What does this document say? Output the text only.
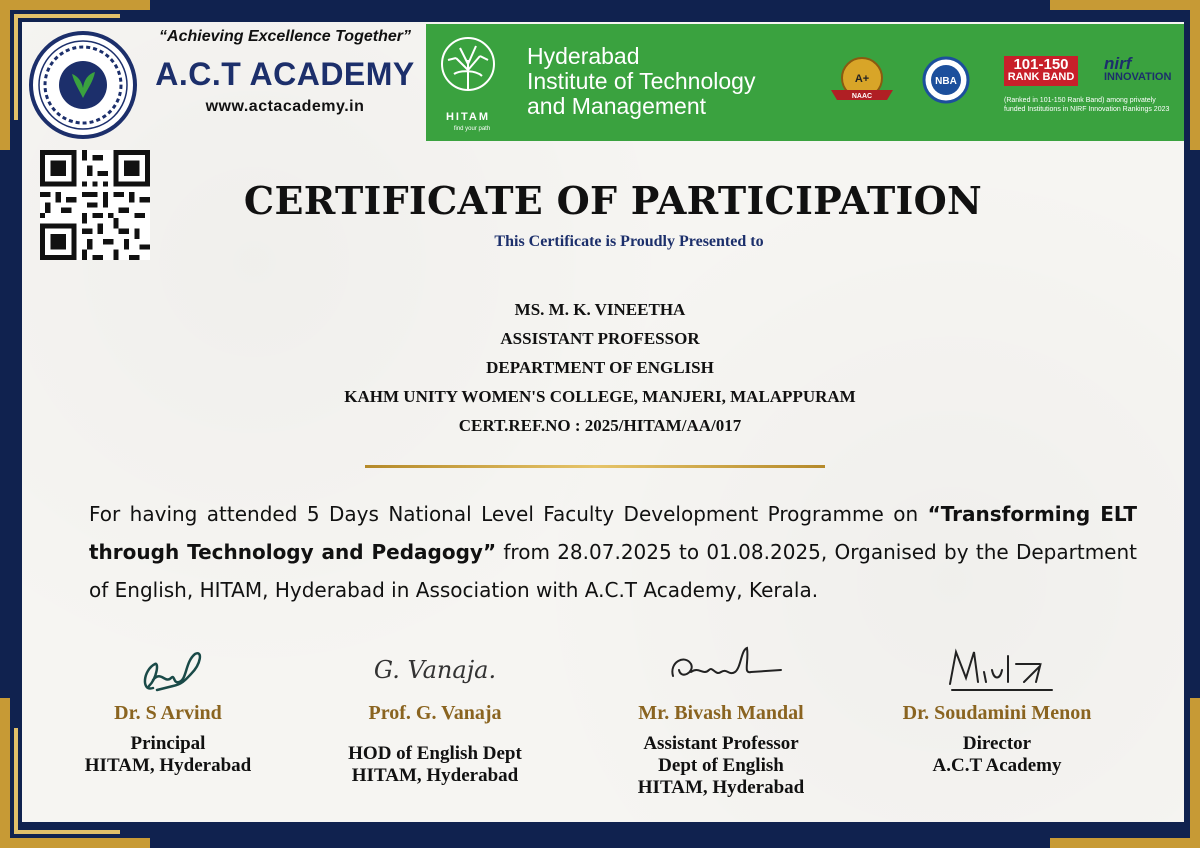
“Achieving Excellence Together”
A.C.T ACADEMY
www.actacademy.in
HITAM
find your path
Hyderabad
Institute of Technology
and Management
A+
NAAC
NBA
101-150
RANK BAND
nirf
INNOVATION
(Ranked in 101-150 Rank Band) among privately funded Institutions in NIRF Innovation Rankings 2023
CERTIFICATE OF PARTICIPATION
This Certificate is Proudly Presented to
MS. M. K. VINEETHA
ASSISTANT PROFESSOR
DEPARTMENT OF ENGLISH
KAHM UNITY WOMEN'S COLLEGE, MANJERI, MALAPPURAM
CERT.REF.NO : 2025/HITAM/AA/017
For having attended 5 Days National Level Faculty Development Programme on “Transforming ELT through Technology and Pedagogy” from 28.07.2025 to 01.08.2025, Organised by the Department of English, HITAM, Hyderabad in Association with A.C.T Academy, Kerala.
Dr. S Arvind
Principal
HITAM, Hyderabad
G. Vanaja.
Prof. G. Vanaja
HOD of English Dept
HITAM, Hyderabad
Mr. Bivash Mandal
Assistant Professor
Dept of English
HITAM, Hyderabad
Dr. Soudamini Menon
Director
A.C.T Academy
